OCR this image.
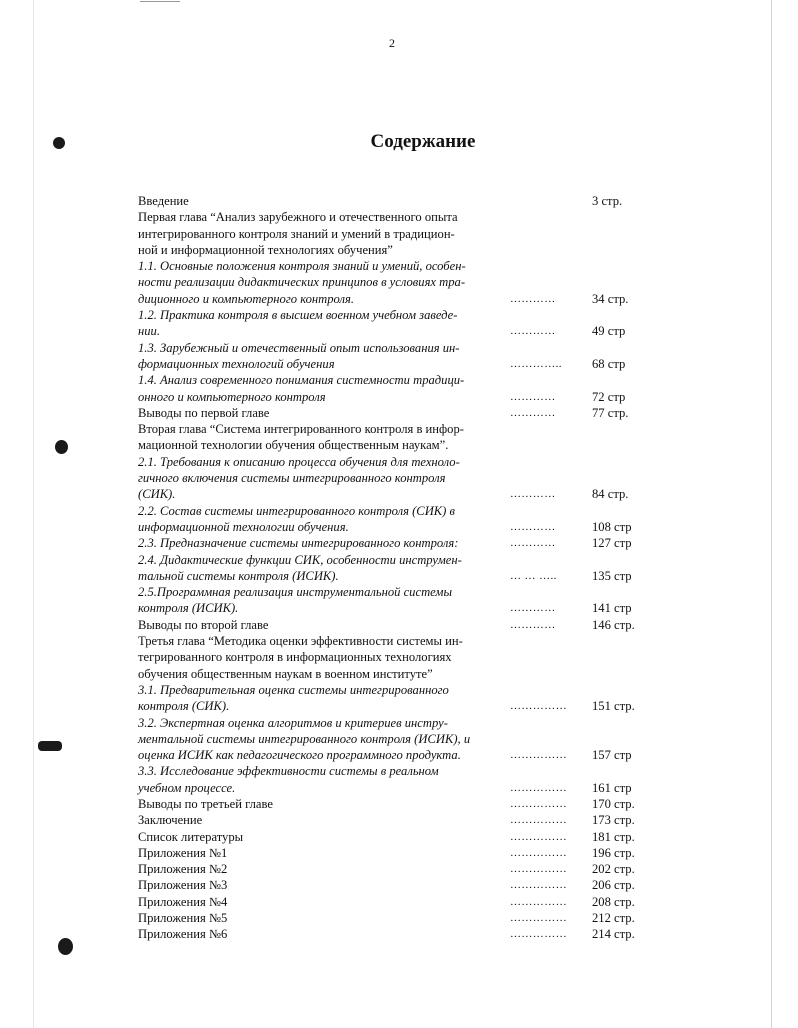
2
Содержание
Введение	3 стр.
Первая глава “Анализ зарубежного и отечественного опыта
интегрированного контроля знаний и умений в традицион-
ной и информационной технологиях обучения”
1.1. Основные положения контроля знаний и умений, особен-
ности реализации дидактических принципов в условиях тра-
диционного и компьютерного контроля.	…………	34 стр.
1.2. Практика контроля в высшем военном учебном заведе-
нии.	…………	49 стр
1.3. Зарубежный и отечественный опыт использования ин-
формационных технологий обучения	…………..	68 стр
1.4. Анализ современного понимания системности традици-
онного и компьютерного контроля	…………	72 стр
Выводы по первой главе	…………	77 стр.
Вторая глава “Система интегрированного контроля в инфор-
мационной технологии обучения общественным наукам”.
2.1. Требования к описанию процесса обучения для техноло-
гичного включения системы интегрированного контроля
(СИК).	…………	84 стр.
2.2. Состав системы интегрированного контроля (СИК) в
информационной технологии обучения.	…………	108 стр
2.3. Предназначение системы интегрированного контроля:	…………	127 стр
2.4. Дидактические функции СИК, особенности инструмен-
тальной системы контроля (ИСИК).	… … …..	135 стр
2.5.Программная реализация инструментальной системы
контроля (ИСИК).	…………	141 стр
Выводы по второй главе	…………	146 стр.
Третья глава “Методика оценки эффективности системы ин-
тегрированного контроля в информационных технологиях
обучения общественным наукам в военном институте”
3.1. Предварительная оценка системы интегрированного
контроля (СИК).	……………	151 стр.
3.2. Экспертная оценка алгоритмов и критериев инстру-
ментальной системы интегрированного контроля (ИСИК), и
оценка ИСИК как педагогического программного продукта.	……………	157 стр
3.3. Исследование эффективности системы в реальном
учебном процессе.	……………	161 стр
Выводы по третьей главе	……………	170 стр.
Заключение	……………	173 стр.
Список литературы	……………	181 стр.
Приложения №1	……………	196 стр.
Приложения №2	……………	202 стр.
Приложения №3	……………	206 стр.
Приложения №4	……………	208 стр.
Приложения №5	……………	212 стр.
Приложения №6	……………	214 стр.
